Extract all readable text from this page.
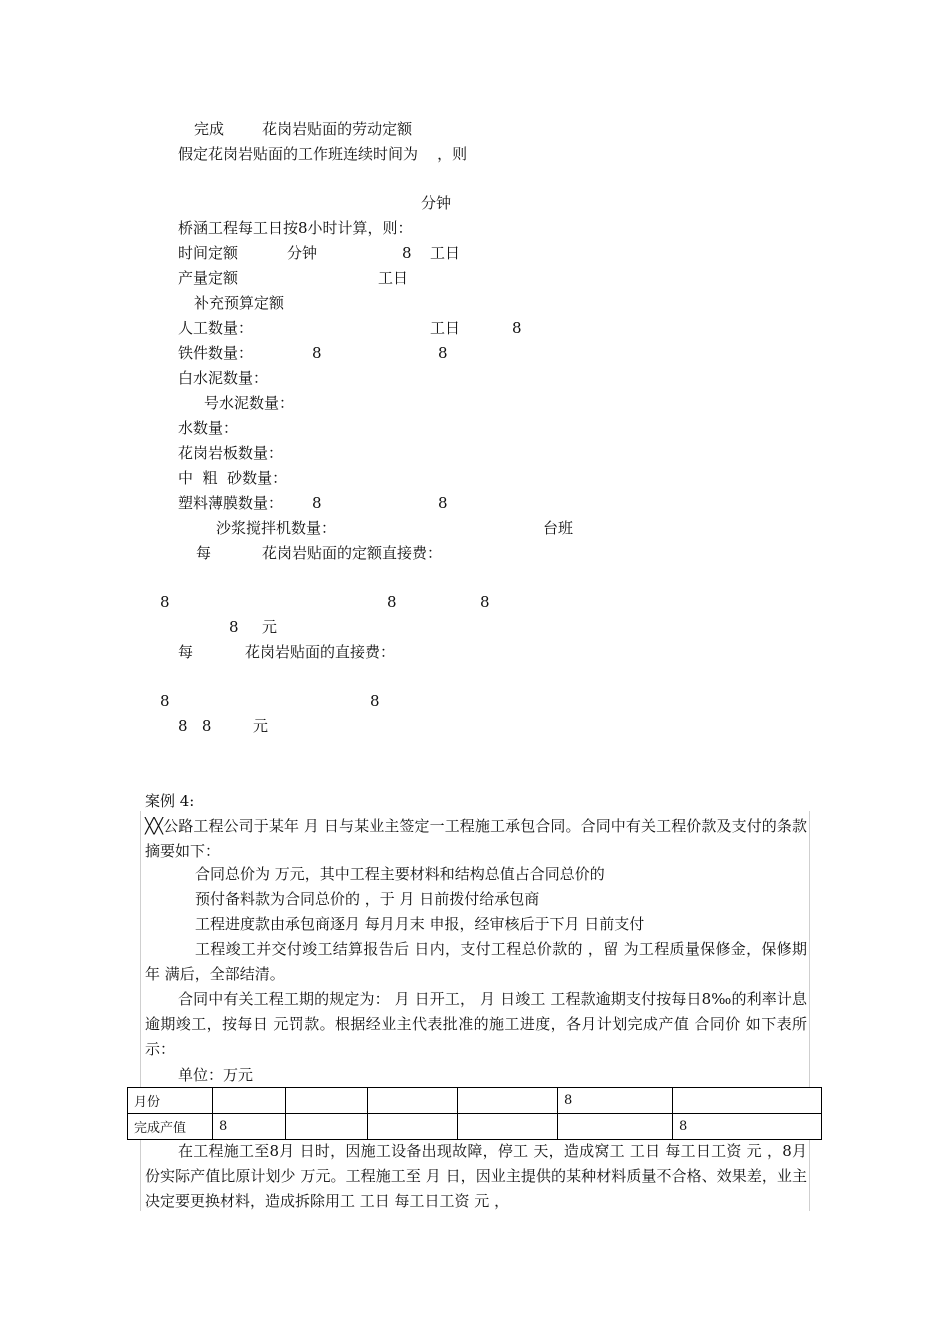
完成        花岗岩贴面的劳动定额
假定花岗岩贴面的工作班连续时间为    ，则
分钟
桥涵工程每工日按8小时计算，则：
时间定额	分钟	8 工日
产量定额	工日
补充预算定额
人工数量：	工日	8
铁件数量：	8	8
白水泥数量：
号水泥数量：
水数量：
花岗岩板数量：
中  粗  砂数量：
塑料薄膜数量： 8	8
沙浆搅拌机数量：	台班
每	花岗岩贴面的定额直接费：
8	8	8
8 元
每	花岗岩贴面的直接费：
8	8
8   8	元
案例 4:
╳╳公路工程公司于某年 月 日与某业主签定一工程施工承包合同。合同中有关工程价款及支付的条款摘要如下：
合同总价为 万元，其中工程主要材料和结构总值占合同总价的
预付备料款为合同总价的 ，于 月 日前拨付给承包商
工程进度款由承包商逐月 每月月末 申报，经审核后于下月 日前支付
工程竣工并交付竣工结算报告后 日内，支付工程总价款的 ，留 为工程质量保修金，保修期 年 满后，全部结清。
合同中有关工程工期的规定为： 月 日开工， 月 日竣工 工程款逾期支付按每日8‰的利率计息 逾期竣工，按每日 元罚款。根据经业主代表批准的施工进度，各月计划完成产值 合同价 如下表所示：
单位：万元
月份					8	
完成产值	8					8
在工程施工至8月 日时，因施工设备出现故障，停工 天，造成窝工 工日 每工日工资 元 ，8月份实际产值比原计划少 万元。工程施工至 月 日，因业主提供的某种材料质量不合格、效果差，业主决定要更换材料，造成拆除用工 工日 每工日工资 元 ，
